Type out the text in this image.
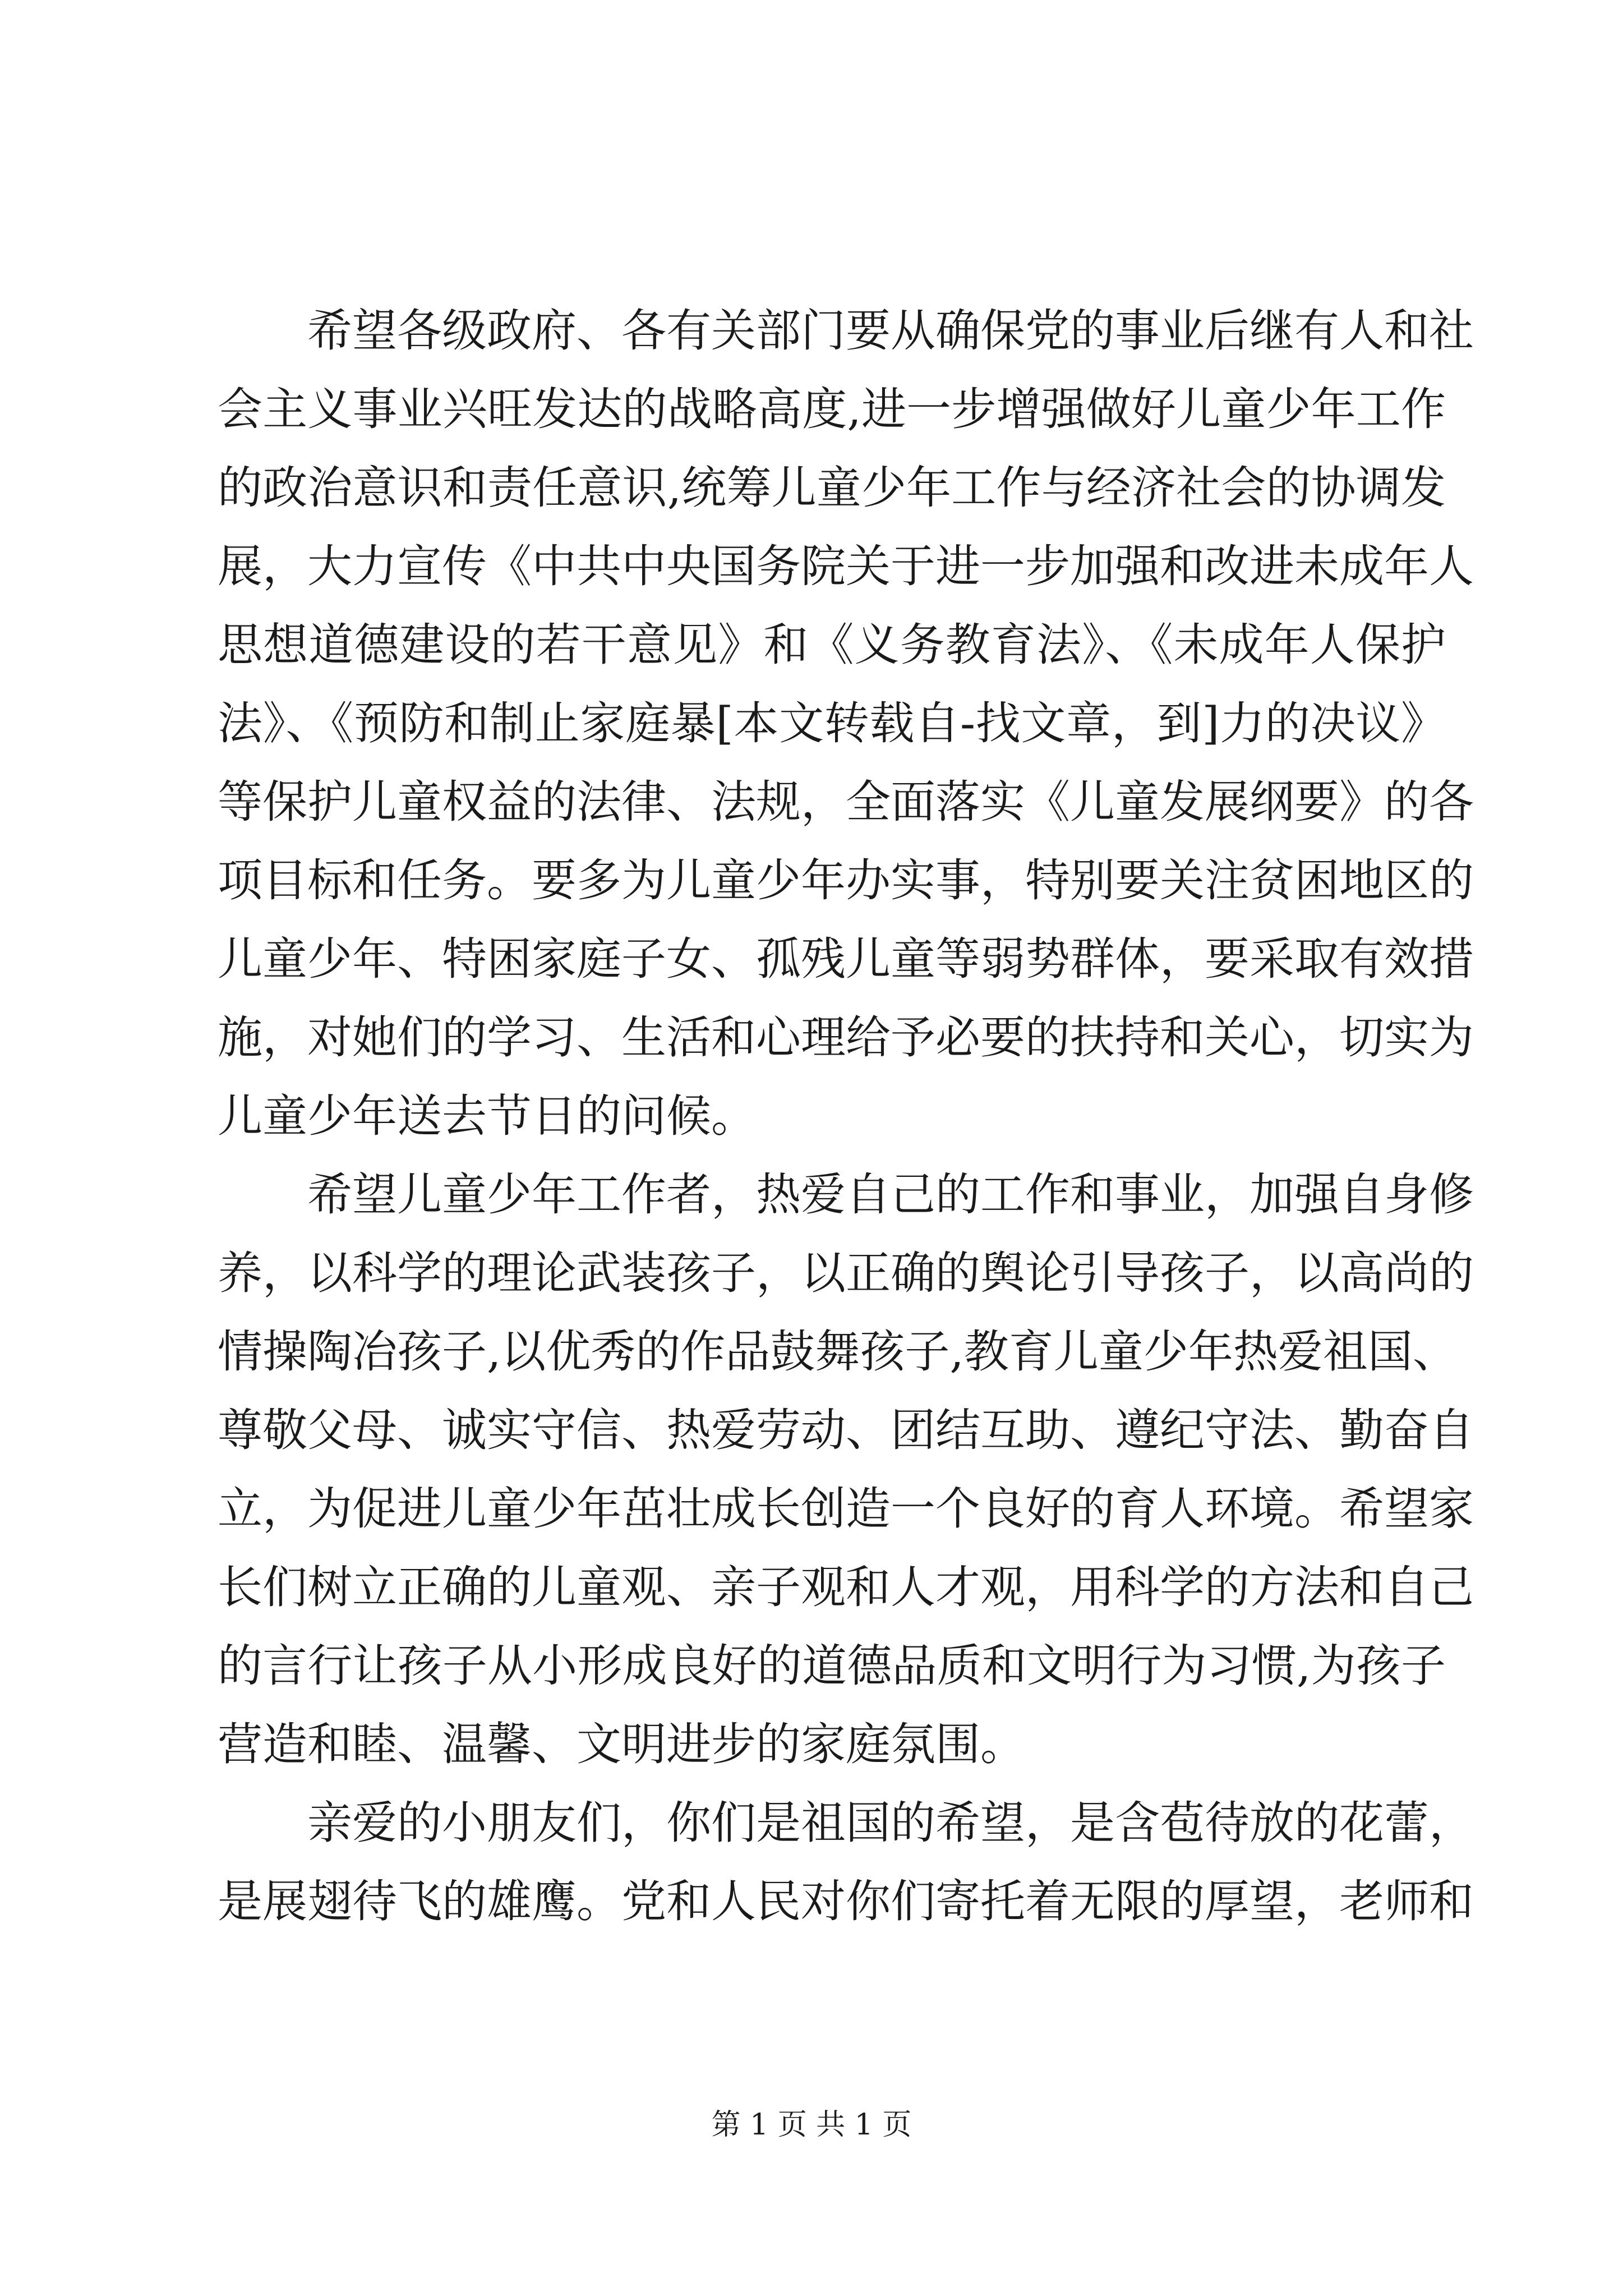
希望各级政府、各有关部门要从确保党的事业后继有人和社
会主义事业兴旺发达的战略高度,进一步增强做好儿童少年工作
的政治意识和责任意识,统筹儿童少年工作与经济社会的协调发
展，大力宣传《中共中央国务院关于进一步加强和改进未成年人
思想道德建设的若干意见》和《义务教育法》、《未成年人保护
法》、《预防和制止家庭暴[本文转载自-找文章，到]力的决议》
等保护儿童权益的法律、法规，全面落实《儿童发展纲要》的各
项目标和任务。要多为儿童少年办实事，特别要关注贫困地区的
儿童少年、特困家庭子女、孤残儿童等弱势群体，要采取有效措
施，对她们的学习、生活和心理给予必要的扶持和关心，切实为
儿童少年送去节日的问候。
希望儿童少年工作者，热爱自己的工作和事业，加强自身修
养，以科学的理论武装孩子，以正确的舆论引导孩子，以高尚的
情操陶冶孩子,以优秀的作品鼓舞孩子,教育儿童少年热爱祖国、
尊敬父母、诚实守信、热爱劳动、团结互助、遵纪守法、勤奋自
立，为促进儿童少年茁壮成长创造一个良好的育人环境。希望家
长们树立正确的儿童观、亲子观和人才观，用科学的方法和自己
的言行让孩子从小形成良好的道德品质和文明行为习惯,为孩子
营造和睦、温馨、文明进步的家庭氛围。
亲爱的小朋友们，你们是祖国的希望，是含苞待放的花蕾，
是展翅待飞的雄鹰。党和人民对你们寄托着无限的厚望，老师和
第 1 页 共 1 页
